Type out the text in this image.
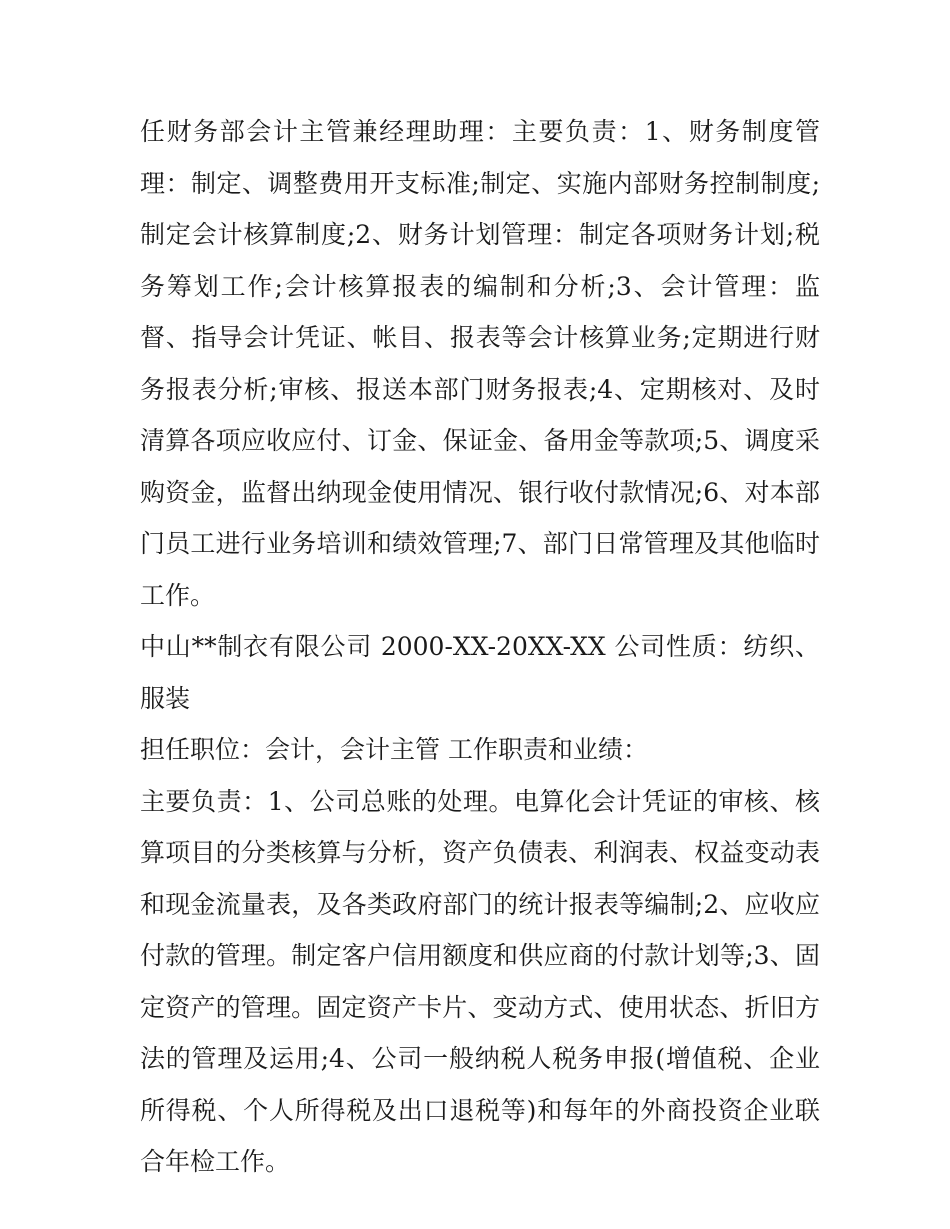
任财务部会计主管兼经理助理：主要负责：1、财务制度管理：制定、调整费用开支标准;制定、实施内部财务控制制度;制定会计核算制度;2、财务计划管理：制定各项财务计划;税务筹划工作;会计核算报表的编制和分析;3、会计管理：监督、指导会计凭证、帐目、报表等会计核算业务;定期进行财务报表分析;审核、报送本部门财务报表;4、定期核对、及时清算各项应收应付、订金、保证金、备用金等款项;5、调度采购资金，监督出纳现金使用情况、银行收付款情况;6、对本部门员工进行业务培训和绩效管理;7、部门日常管理及其他临时工作。

中山**制衣有限公司 2000-XX-20XX-XX 公司性质：纺织、服装

担任职位：会计，会计主管 工作职责和业绩：

主要负责：1、公司总账的处理。电算化会计凭证的审核、核算项目的分类核算与分析，资产负债表、利润表、权益变动表和现金流量表，及各类政府部门的统计报表等编制;2、应收应付款的管理。制定客户信用额度和供应商的付款计划等;3、固定资产的管理。固定资产卡片、变动方式、使用状态、折旧方法的管理及运用;4、公司一般纳税人税务申报(增值税、企业所得税、个人所得税及出口退税等)和每年的外商投资企业联合年检工作。
